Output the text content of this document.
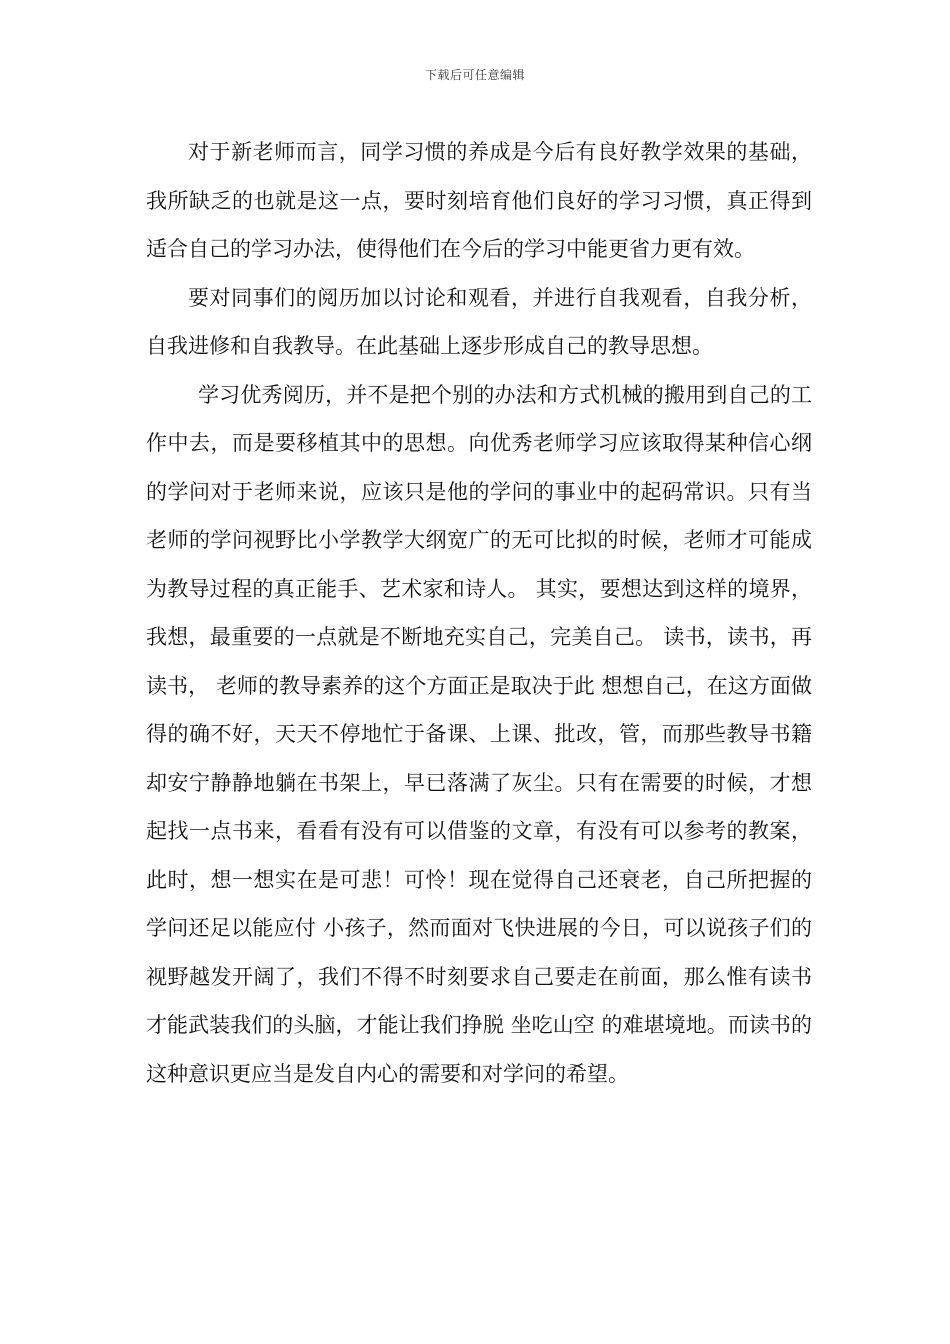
下载后可任意编辑

对于新老师而言，同学习惯的养成是今后有良好教学效果的基础，我所缺乏的也就是这一点，要时刻培育他们良好的学习习惯，真正得到适合自己的学习办法，使得他们在今后的学习中能更省力更有效。

要对同事们的阅历加以讨论和观看，并进行自我观看，自我分析，自我进修和自我教导。在此基础上逐步形成自己的教导思想。

学习优秀阅历，并不是把个别的办法和方式机械的搬用到自己的工作中去，而是要移植其中的思想。向优秀老师学习应该取得某种信心纲的学问对于老师来说，应该只是他的学问的事业中的起码常识。只有当老师的学问视野比小学教学大纲宽广的无可比拟的时候，老师才可能成为教导过程的真正能手、艺术家和诗人。 其实，要想达到这样的境界，我想，最重要的一点就是不断地充实自己，完美自己。 读书，读书，再读书， 老师的教导素养的这个方面正是取决于此 想想自己，在这方面做得的确不好，天天不停地忙于备课、上课、批改，管，而那些教导书籍却安宁静静地躺在书架上，早已落满了灰尘。只有在需要的时候，才想起找一点书来，看看有没有可以借鉴的文章，有没有可以参考的教案，此时，想一想实在是可悲！可怜！现在觉得自己还衰老，自己所把握的学问还足以能应付 小孩子，然而面对飞快进展的今日，可以说孩子们的视野越发开阔了，我们不得不时刻要求自己要走在前面，那么惟有读书才能武装我们的头脑，才能让我们挣脱 坐吃山空 的难堪境地。而读书的这种意识更应当是发自内心的需要和对学问的希望。
